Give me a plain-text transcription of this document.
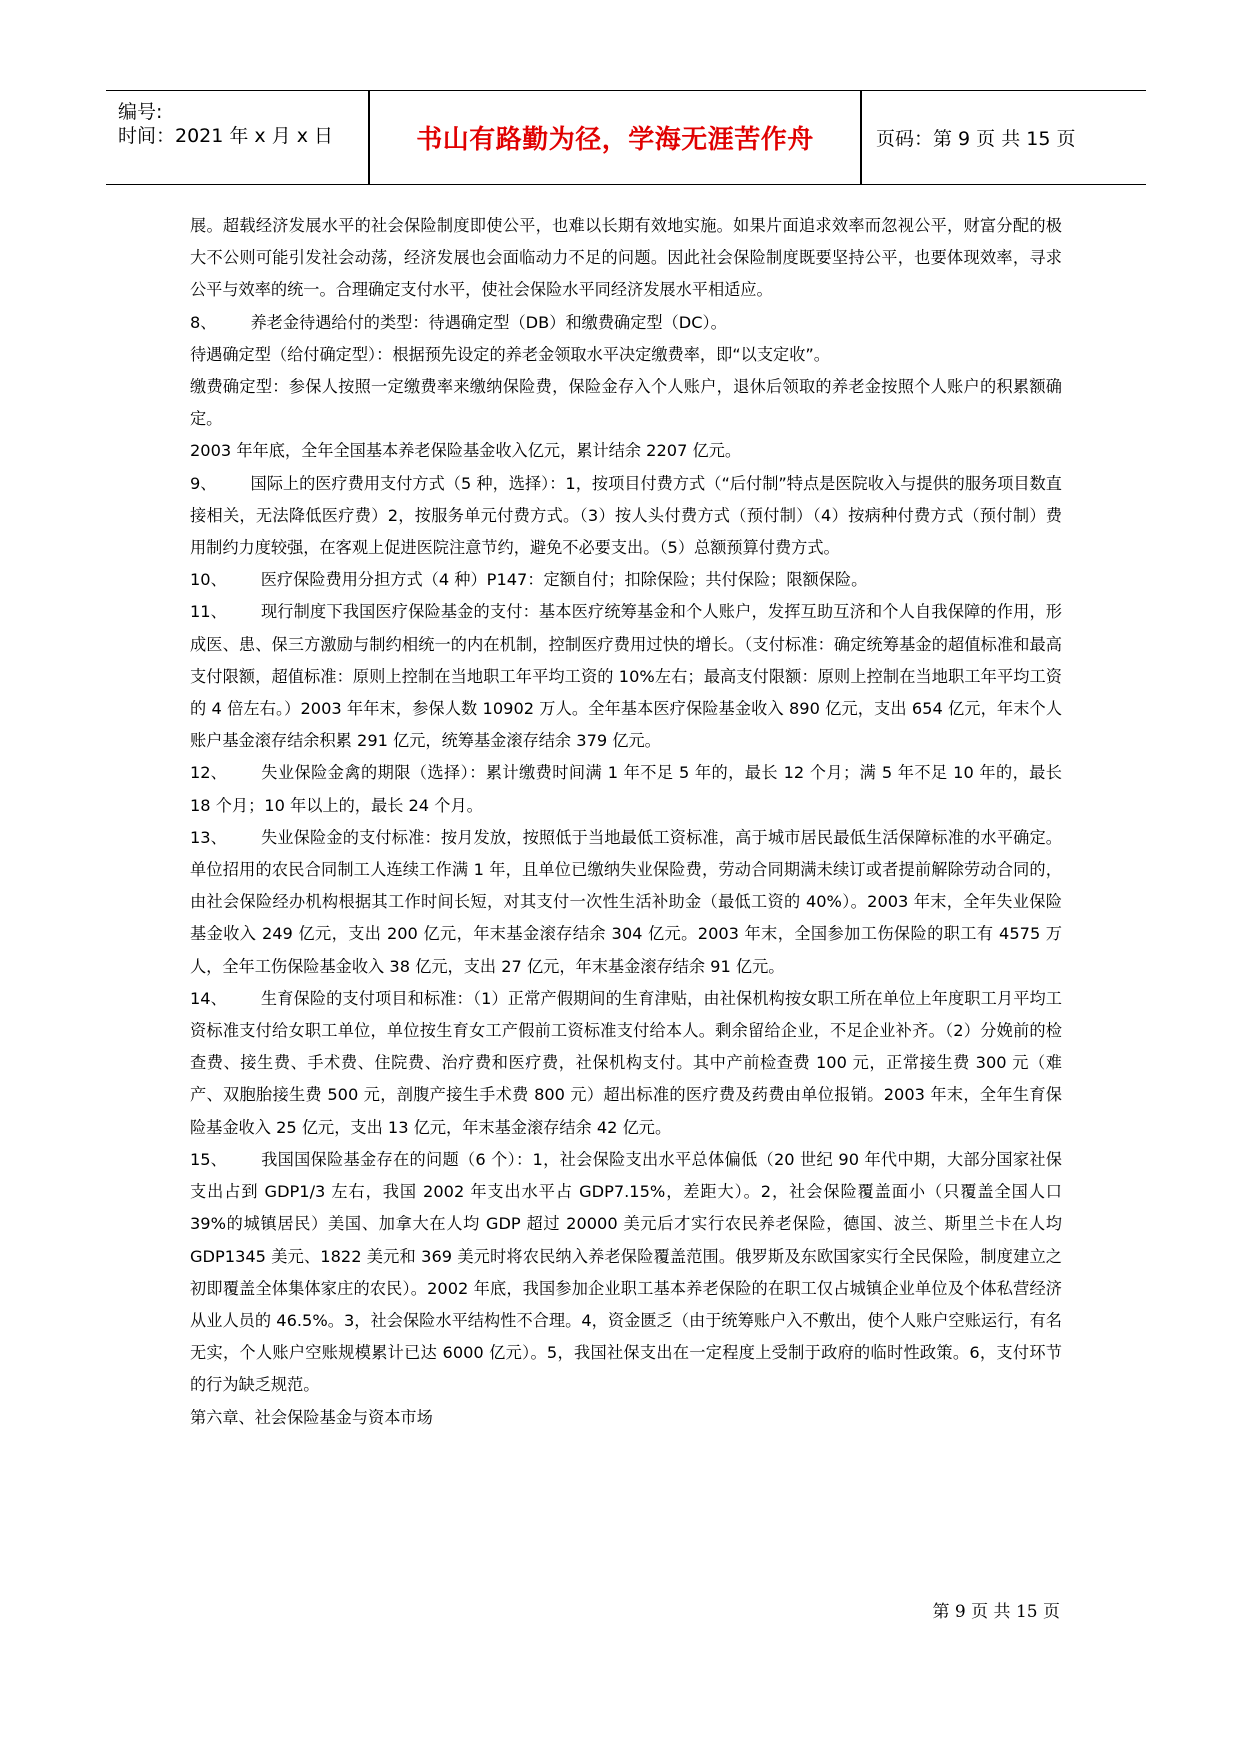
编号:
时间：2021 年 x 月 x 日	书山有路勤为径，学海无涯苦作舟	页码：第 9 页 共 15 页

展。超载经济发展水平的社会保险制度即使公平，也难以长期有效地实施。如果片面追求效率而忽视公平，财富分配的极大不公则可能引发社会动荡，经济发展也会面临动力不足的问题。因此社会保险制度既要坚持公平，也要体现效率，寻求公平与效率的统一。合理确定支付水平，使社会保险水平同经济发展水平相适应。

8、 养老金待遇给付的类型：待遇确定型（DB）和缴费确定型（DC）。

待遇确定型（给付确定型）：根据预先设定的养老金领取水平决定缴费率，即“以支定收”。

缴费确定型：参保人按照一定缴费率来缴纳保险费，保险金存入个人账户，退休后领取的养老金按照个人账户的积累额确定。

2003 年年底，全年全国基本养老保险基金收入亿元，累计结余 2207 亿元。

9、 国际上的医疗费用支付方式（5 种，选择）：1，按项目付费方式（“后付制”特点是医院收入与提供的服务项目数直接相关，无法降低医疗费）2，按服务单元付费方式。（3）按人头付费方式（预付制）（4）按病种付费方式（预付制）费用制约力度较强，在客观上促进医院注意节约，避免不必要支出。（5）总额预算付费方式。

10、 医疗保险费用分担方式（4 种）P147：定额自付；扣除保险；共付保险；限额保险。

11、 现行制度下我国医疗保险基金的支付：基本医疗统筹基金和个人账户，发挥互助互济和个人自我保障的作用，形成医、患、保三方激励与制约相统一的内在机制，控制医疗费用过快的增长。（支付标准：确定统筹基金的超值标准和最高支付限额，超值标准：原则上控制在当地职工年平均工资的 10%左右；最高支付限额：原则上控制在当地职工年平均工资的 4 倍左右。）2003 年年末，参保人数 10902 万人。全年基本医疗保险基金收入 890 亿元，支出 654 亿元，年末个人账户基金滚存结余积累 291 亿元，统筹基金滚存结余 379 亿元。

12、 失业保险金禽的期限（选择）：累计缴费时间满 1 年不足 5 年的，最长 12 个月；满 5 年不足 10 年的，最长 18 个月；10 年以上的，最长 24 个月。

13、 失业保险金的支付标准：按月发放，按照低于当地最低工资标准，高于城市居民最低生活保障标准的水平确定。单位招用的农民合同制工人连续工作满 1 年，且单位已缴纳失业保险费，劳动合同期满未续订或者提前解除劳动合同的，由社会保险经办机构根据其工作时间长短，对其支付一次性生活补助金（最低工资的 40%）。2003 年末，全年失业保险基金收入 249 亿元，支出 200 亿元，年末基金滚存结余 304 亿元。2003 年末，全国参加工伤保险的职工有 4575 万人，全年工伤保险基金收入 38 亿元，支出 27 亿元，年末基金滚存结余 91 亿元。

14、 生育保险的支付项目和标准：（1）正常产假期间的生育津贴，由社保机构按女职工所在单位上年度职工月平均工资标准支付给女职工单位，单位按生育女工产假前工资标准支付给本人。剩余留给企业，不足企业补齐。（2）分娩前的检查费、接生费、手术费、住院费、治疗费和医疗费，社保机构支付。其中产前检查费 100 元，正常接生费 300 元（难产、双胞胎接生费 500 元，剖腹产接生手术费 800 元）超出标准的医疗费及药费由单位报销。2003 年末，全年生育保险基金收入 25 亿元，支出 13 亿元，年末基金滚存结余 42 亿元。

15、 我国国保险基金存在的问题（6 个）：1，社会保险支出水平总体偏低（20 世纪 90 年代中期，大部分国家社保支出占到 GDP1/3 左右，我国 2002 年支出水平占 GDP7.15%，差距大）。2，社会保险覆盖面小（只覆盖全国人口 39%的城镇居民）美国、加拿大在人均 GDP 超过 20000 美元后才实行农民养老保险，德国、波兰、斯里兰卡在人均 GDP1345 美元、1822 美元和 369 美元时将农民纳入养老保险覆盖范围。俄罗斯及东欧国家实行全民保险，制度建立之初即覆盖全体集体家庄的农民）。2002 年底，我国参加企业职工基本养老保险的在职工仅占城镇企业单位及个体私营经济从业人员的 46.5%。3，社会保险水平结构性不合理。4，资金匮乏（由于统筹账户入不敷出，使个人账户空账运行，有名无实，个人账户空账规模累计已达 6000 亿元）。5，我国社保支出在一定程度上受制于政府的临时性政策。6，支付环节的行为缺乏规范。

第六章、社会保险基金与资本市场

第 9 页 共 15 页
